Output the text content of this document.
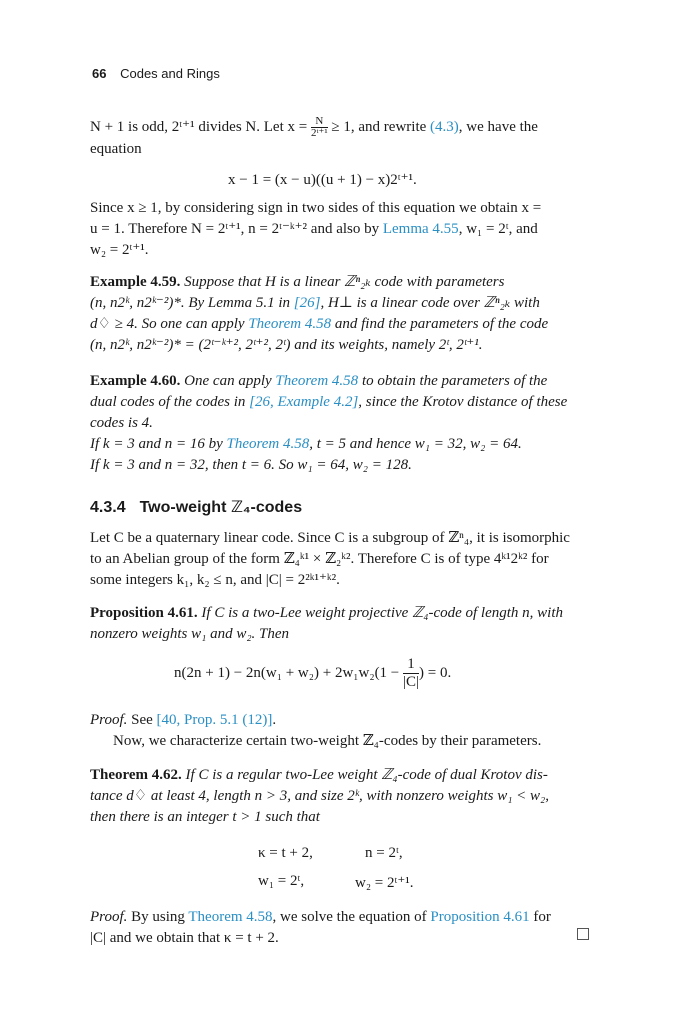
66 Codes and Rings
N + 1 is odd, 2ᵗ⁺¹ divides N. Let $x = \frac{N}{\text{2ᵗ⁺¹}} \ge 1$, and rewrite (4.3), we have the
equation
x − 1 = (x − u)((u + 1) − x)2ᵗ⁺¹.
Since x ≥ 1, by considering sign in two sides of this equation we obtain x =
u = 1. Therefore N = 2ᵗ⁺¹, n = 2ᵗ⁻ᵏ⁺² and also by Lemma 4.55, w₁ = 2ᵗ, and
w₂ = 2ᵗ⁺¹.
Example 4.59. Suppose that H is a linear ℤⁿ₂ₖ code with parameters
(n, n2ᵏ, n2ᵏ⁻²)*. By Lemma 5.1 in [26], H⊥ is a linear code over ℤⁿ₂ₖ with
d♢ ≥ 4. So one can apply Theorem 4.58 and find the parameters of the code
(n, n2ᵏ, n2ᵏ⁻²)* = (2ᵗ⁻ᵏ⁺², 2ᵗ⁺², 2ᵗ) and its weights, namely 2ᵗ, 2ᵗ⁺¹.
Example 4.60. One can apply Theorem 4.58 to obtain the parameters of the
dual codes of the codes in [26, Example 4.2], since the Krotov distance of these
codes is 4.
If k = 3 and n = 16 by Theorem 4.58, t = 5 and hence w₁ = 32, w₂ = 64.
If k = 3 and n = 32, then t = 6. So w₁ = 64, w₂ = 128.
4.3.4 Two-weight ℤ₄-codes
Let C be a quaternary linear code. Since C is a subgroup of ℤⁿ₄, it is isomorphic
to an Abelian group of the form ℤ₄ᵏ¹ × ℤ₂ᵏ². Therefore C is of type 4ᵏ¹2ᵏ² for
some integers k₁, k₂ ≤ n, and |C| = 2²ᵏ¹⁺ᵏ².
Proposition 4.61. If C is a two-Lee weight projective ℤ₄-code of length n, with
nonzero weights w₁ and w₂. Then
$n(2n + 1) - 2n(w_1 + w_2) + 2w_1w_2(1 - \frac{1}{|C|}$ ) = 0.
Proof. See [40, Prop. 5.1 (12)].
Now, we characterize certain two-weight ℤ₄-codes by their parameters.
Theorem 4.62. If C is a regular two-Lee weight ℤ₄-code of dual Krotov dis-
tance d♢ at least 4, length n > 3, and size 2ᵏ, with nonzero weights w₁ < w₂,
then there is an integer t > 1 such that
κ = t + 2,	n = 2ᵗ,
w₁ = 2ᵗ,	w₂ = 2ᵗ⁺¹.
Proof. By using Theorem 4.58, we solve the equation of Proposition 4.61 for
|C| and we obtain that κ = t + 2.
